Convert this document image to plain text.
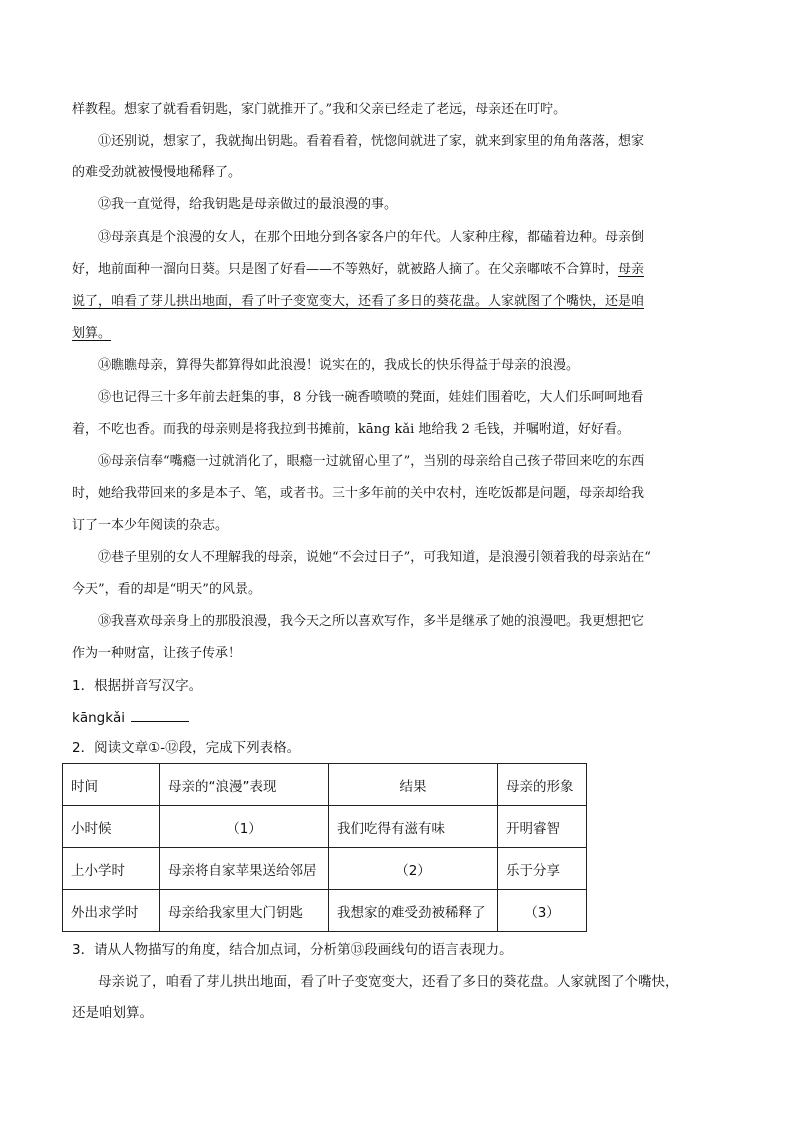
样教程。想家了就看看钥匙，家门就推开了。”我和父亲已经走了老远，母亲还在叮咛。
⑪还别说，想家了，我就掏出钥匙。看着看着，恍惚间就进了家，就来到家里的角角落落，想家
的难受劲就被慢慢地稀释了。
⑫我一直觉得，给我钥匙是母亲做过的最浪漫的事。
⑬母亲真是个浪漫的女人，在那个田地分到各家各户的年代。人家种庄稼，都磕着边种。母亲倒
好，地前面种一溜向日葵。只是图了好看——不等熟好，就被路人摘了。在父亲嘟哝不合算时，母亲
说了，咱看了芽儿拱出地面，看了叶子变宽变大，还看了多日的葵花盘。人家就图了个嘴快，还是咱
划算。
⑭瞧瞧母亲，算得失都算得如此浪漫！说实在的，我成长的快乐得益于母亲的浪漫。
⑮也记得三十多年前去赶集的事，8 分钱一碗香喷喷的凳面，娃娃们围着吃，大人们乐呵呵地看
着，不吃也香。而我的母亲则是将我拉到书摊前，kāng kǎi 地给我 2 毛钱，并嘱咐道，好好看。
⑯母亲信奉“嘴瘾一过就消化了，眼瘾一过就留心里了”，当别的母亲给自己孩子带回来吃的东西
时，她给我带回来的多是本子、笔，或者书。三十多年前的关中农村，连吃饭都是问题，母亲却给我
订了一本少年阅读的杂志。
⑰巷子里别的女人不理解我的母亲，说她“不会过日子”，可我知道，是浪漫引领着我的母亲站在“
今天”，看的却是“明天”的风景。
⑱我喜欢母亲身上的那股浪漫，我今天之所以喜欢写作，多半是继承了她的浪漫吧。我更想把它
作为一种财富，让孩子传承！
1．根据拼音写汉字。
kāngkǎi
2．阅读文章①-⑫段，完成下列表格。
时间	母亲的“浪漫”表现	结果	母亲的形象
小时候	（1）	我们吃得有滋有味	开明睿智
上小学时	母亲将自家苹果送给邻居	（2）	乐于分享
外出求学时	母亲给我家里大门钥匙	我想家的难受劲被稀释了	（3）
3．请从人物描写的角度，结合加点词，分析第⑬段画线句的语言表现力。
母亲说了，咱看了芽儿拱出地面，看了叶子变宽变大，还看了多日的葵花盘。人家就图了个嘴快，
还是咱划算。
